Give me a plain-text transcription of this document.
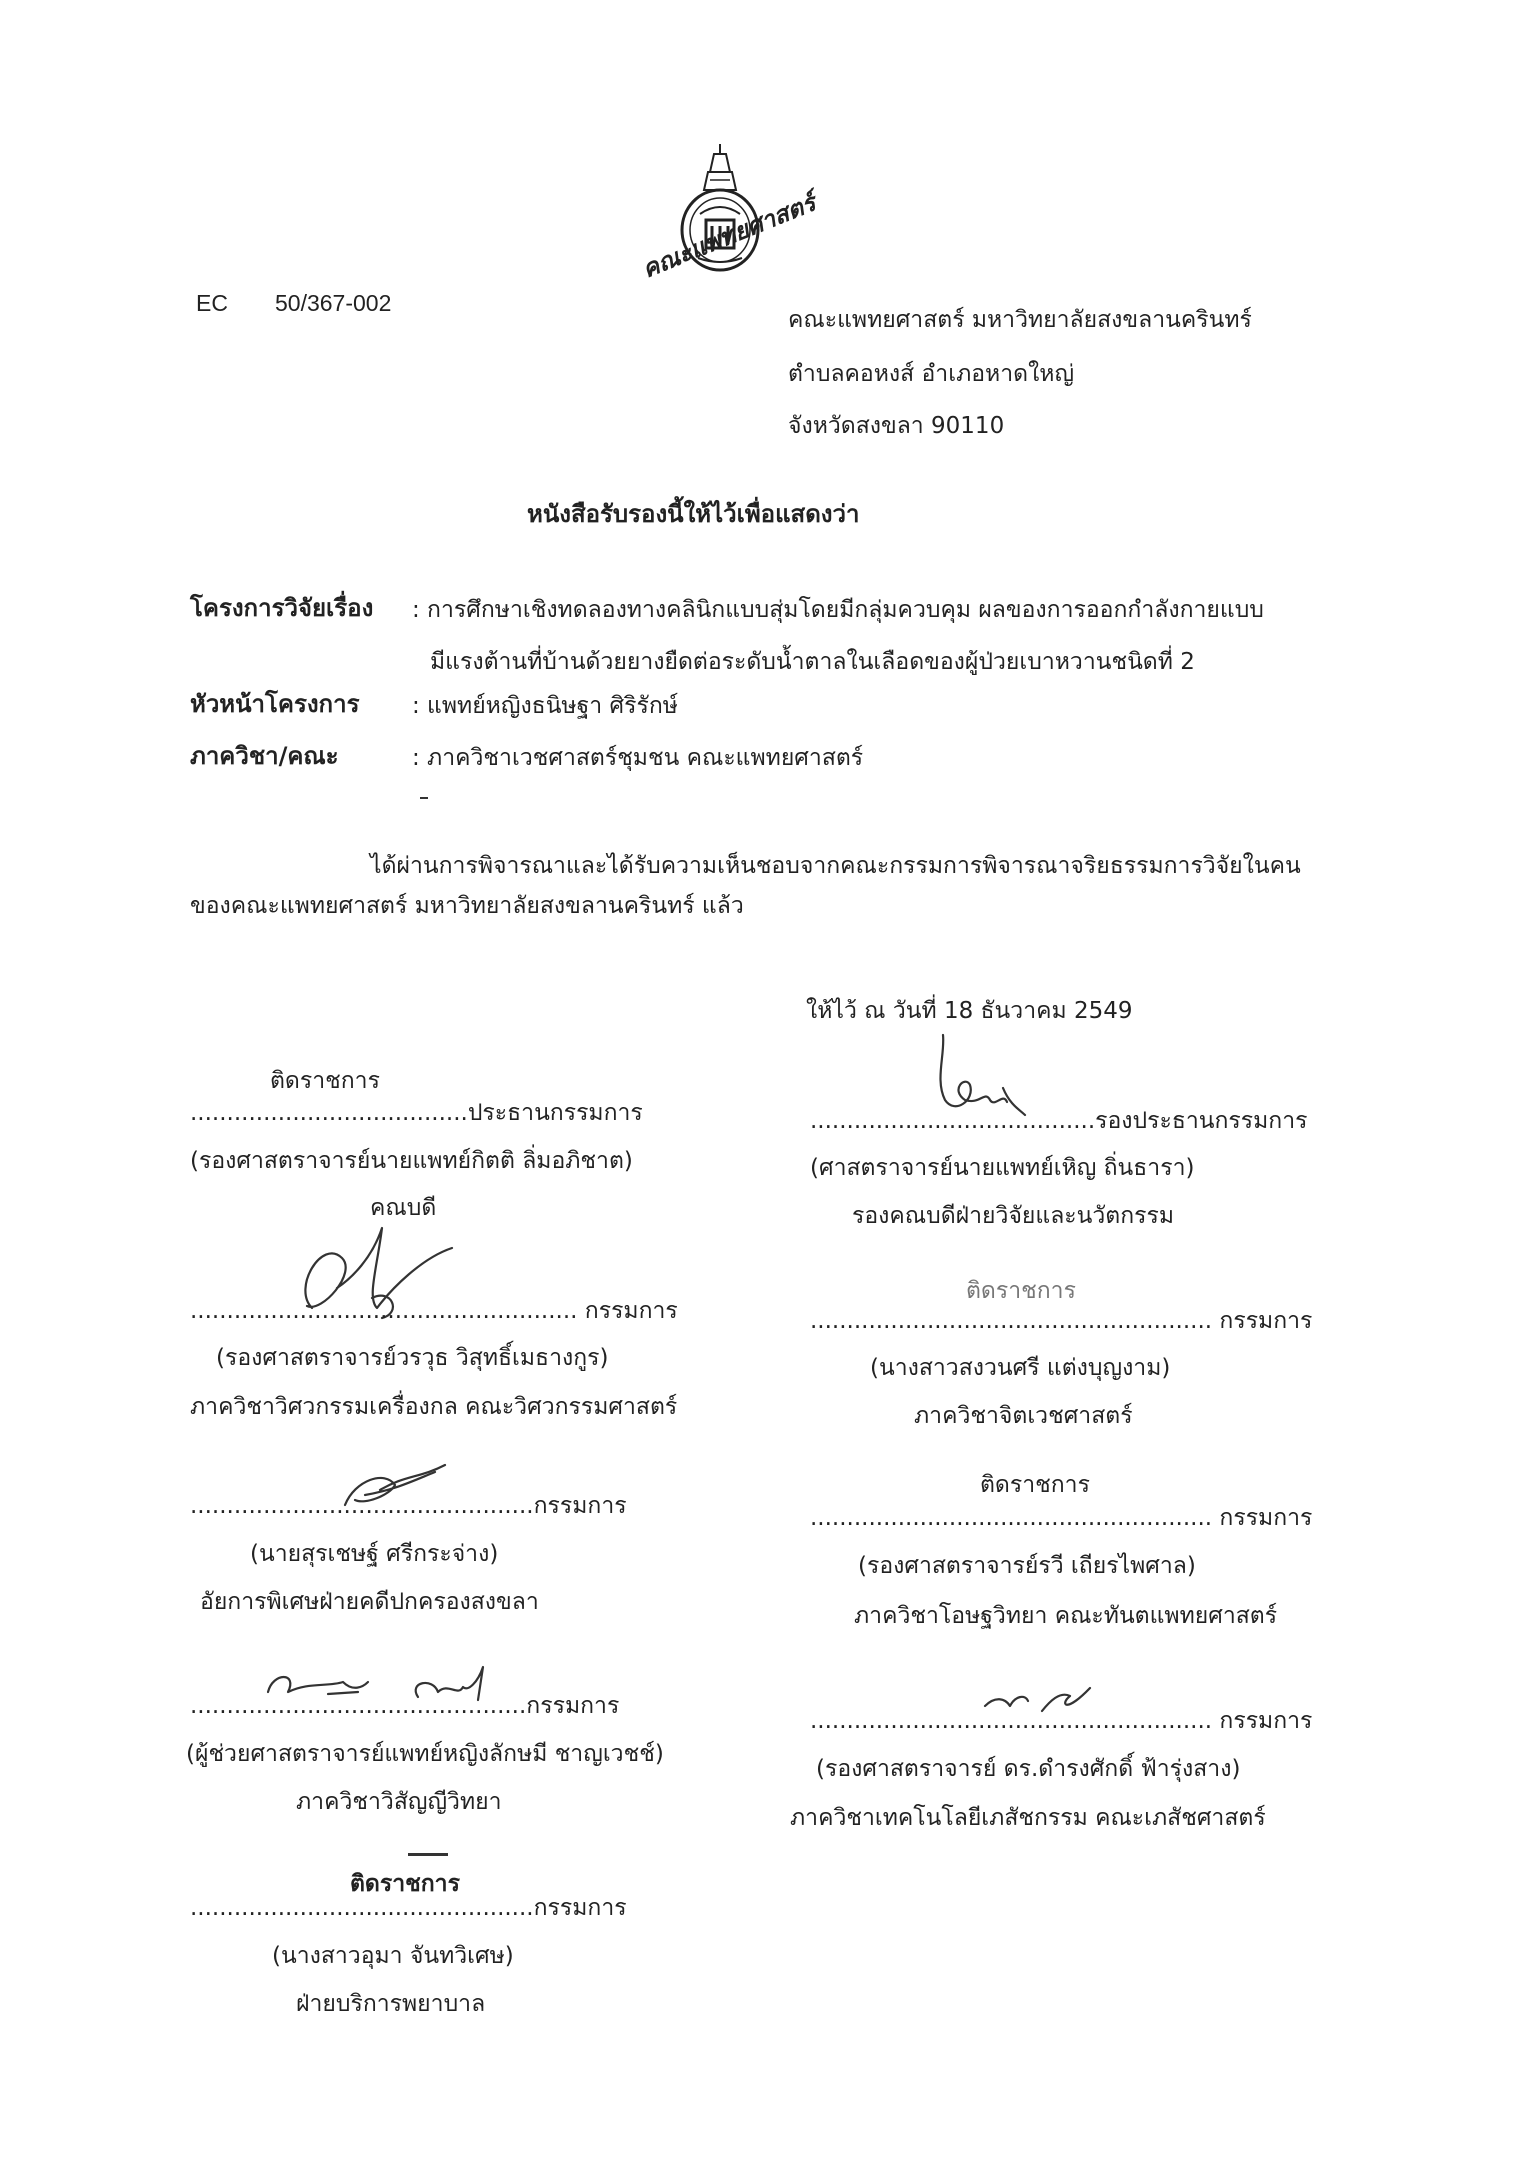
คณะแพทยศาสตร์
EC 50/367-002
คณะแพทยศาสตร์ มหาวิทยาลัยสงขลานครินทร์
ตำบลคอหงส์ อำเภอหาดใหญ่
จังหวัดสงขลา 90110
หนังสือรับรองนี้ให้ไว้เพื่อแสดงว่า
โครงการวิจัยเรื่อง : การศึกษาเชิงทดลองทางคลินิกแบบสุ่มโดยมีกลุ่มควบคุม ผลของการออกกำลังกายแบบ
มีแรงต้านที่บ้านด้วยยางยืดต่อระดับน้ำตาลในเลือดของผู้ป่วยเบาหวานชนิดที่ 2
หัวหน้าโครงการ : แพทย์หญิงธนิษฐา ศิริรักษ์
ภาควิชา/คณะ	: ภาควิชาเวชศาสตร์ชุมชน คณะแพทยศาสตร์
ได้ผ่านการพิจารณาและได้รับความเห็นชอบจากคณะกรรมการพิจารณาจริยธรรมการวิจัยในคน
ของคณะแพทยศาสตร์ มหาวิทยาลัยสงขลานครินทร์ แล้ว
ให้ไว้ ณ วันที่ 18 ธันวาคม 2549
ติดราชการ
......................................ประธานกรรมการ
(รองศาสตราจารย์นายแพทย์กิตติ ลิ่มอภิชาต)
คณบดี
..................................................... กรรมการ
(รองศาสตราจารย์วรวุธ วิสุทธิ์เมธางกูร)
ภาควิชาวิศวกรรมเครื่องกล คณะวิศวกรรมศาสตร์
...............................................กรรมการ
(นายสุรเชษฐ์ ศรีกระจ่าง)
อัยการพิเศษฝ่ายคดีปกครองสงขลา
..............................................กรรมการ
(ผู้ช่วยศาสตราจารย์แพทย์หญิงลักษมี ชาญเวชช์)
ภาควิชาวิสัญญีวิทยา
ติดราชการ
...............................................กรรมการ
(นางสาวอุมา จันทวิเศษ)
ฝ่ายบริการพยาบาล
.......................................รองประธานกรรมการ
(ศาสตราจารย์นายแพทย์เหิญ ถิ่นธารา)
รองคณบดีฝ่ายวิจัยและนวัตกรรม
ติดราชการ
....................................................... กรรมการ
(นางสาวสงวนศรี แต่งบุญงาม)
ภาควิชาจิตเวชศาสตร์
ติดราชการ
....................................................... กรรมการ
(รองศาสตราจารย์รวี เถียรไพศาล)
ภาควิชาโอษฐวิทยา คณะทันตแพทยศาสตร์
....................................................... กรรมการ
(รองศาสตราจารย์ ดร.ดำรงศักดิ์ ฟ้ารุ่งสาง)
ภาควิชาเทคโนโลยีเภสัชกรรม คณะเภสัชศาสตร์
